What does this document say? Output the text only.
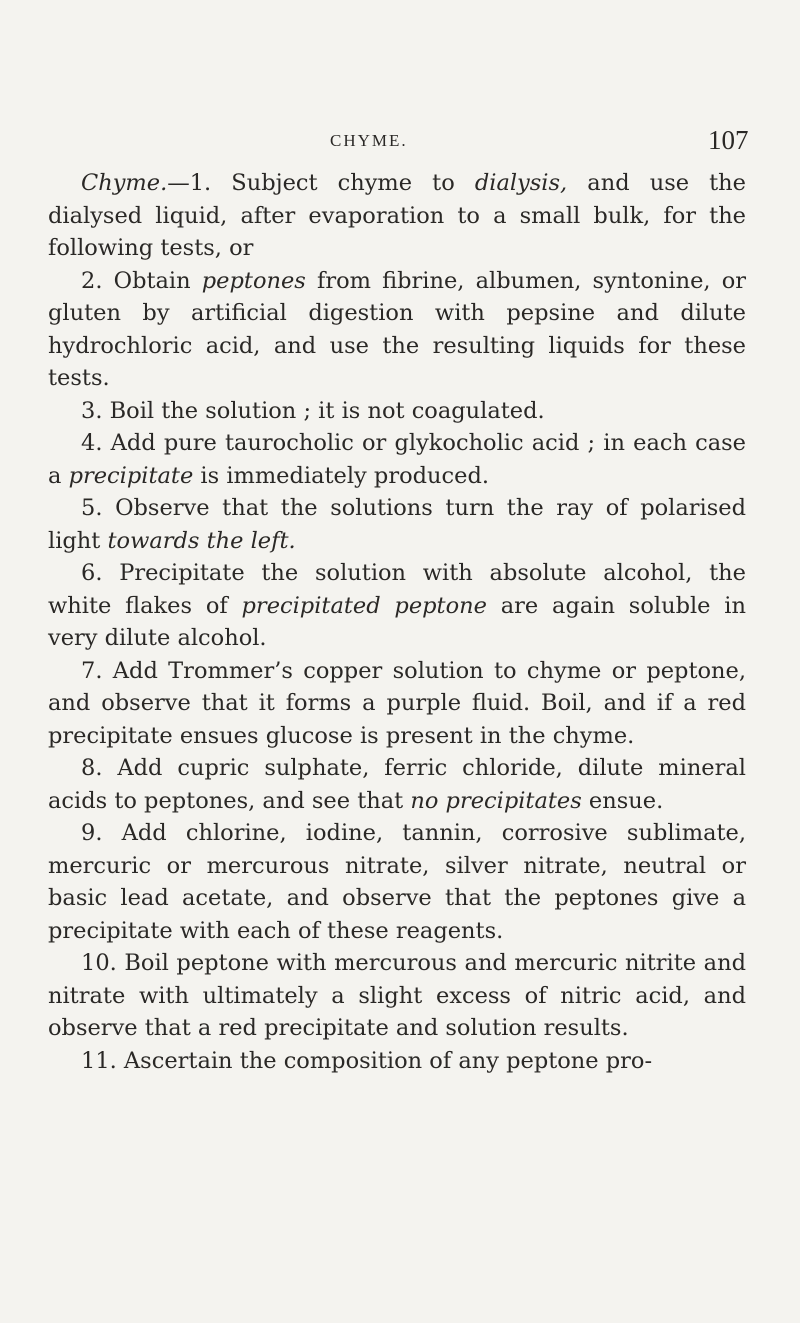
CHYME.	107

Chyme.—1. Subject chyme to dialysis, and use the dialysed liquid, after evaporation to a small bulk, for the following tests, or

2. Obtain peptones from fibrine, albumen, syntonine, or gluten by artificial digestion with pepsine and dilute hydrochloric acid, and use the resulting liquids for these tests.

3. Boil the solution ; it is not coagulated.

4. Add pure taurocholic or glykocholic acid ; in each case a precipitate is immediately produced.

5. Observe that the solutions turn the ray of polarised light towards the left.

6. Precipitate the solution with absolute alcohol, the white flakes of precipitated peptone are again soluble in very dilute alcohol.

7. Add Trommer’s copper solution to chyme or peptone, and observe that it forms a purple fluid. Boil, and if a red precipitate ensues glucose is present in the chyme.

8. Add cupric sulphate, ferric chloride, dilute mineral acids to peptones, and see that no precipitates ensue.

9. Add chlorine, iodine, tannin, corrosive sublimate, mercuric or mercurous nitrate, silver nitrate, neutral or basic lead acetate, and observe that the peptones give a precipitate with each of these reagents.

10. Boil peptone with mercurous and mercuric nitrite and nitrate with ultimately a slight excess of nitric acid, and observe that a red precipitate and solution results.

11. Ascertain the composition of any peptone pro-
